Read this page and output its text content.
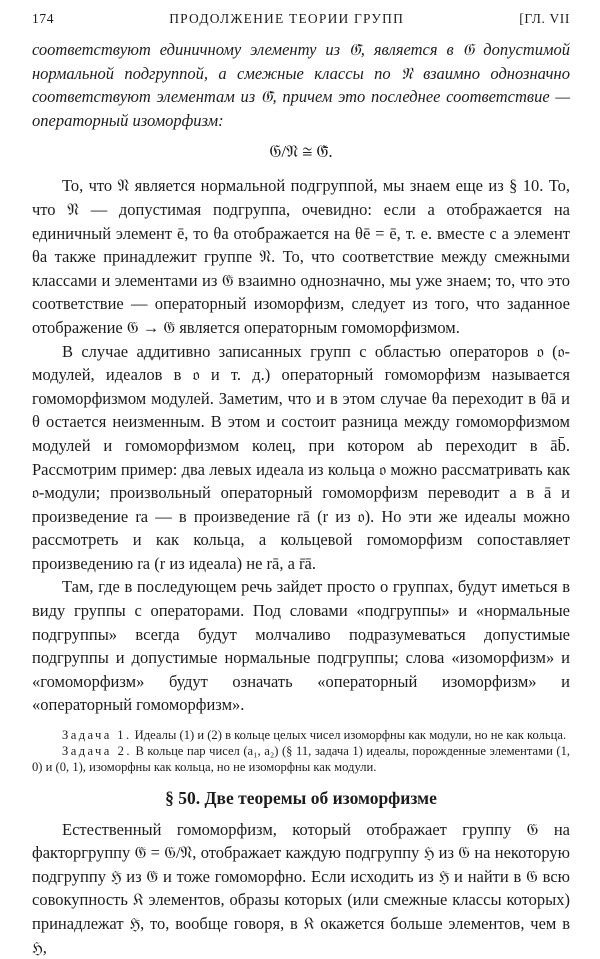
174	ПРОДОЛЖЕНИЕ ТЕОРИИ ГРУПП	[ГЛ. VII

соответствуют единичному элементу из 𝔊̄, является в 𝔊 допустимой нормальной подгруппой, а смежные классы по 𝔑 взаимно однозначно соответствуют элементам из 𝔊̄, причем это последнее соответствие — операторный изоморфизм:

𝔊/𝔑 ≅ 𝔊̄.

То, что 𝔑 является нормальной подгруппой, мы знаем еще из § 10. То, что 𝔑 — допустимая подгруппа, очевидно: если a отображается на единичный элемент ē, то θa отображается на θē = ē, т. е. вместе с a элемент θa также принадлежит группе 𝔑. То, что соответствие между смежными классами и элементами из 𝔊̄ взаимно однозначно, мы уже знаем; то, что это соответствие — операторный изоморфизм, следует из того, что заданное отображение 𝔊 → 𝔊̄ является операторным гомоморфизмом.

В случае аддитивно записанных групп с областью операторов 𝔬 (𝔬-модулей, идеалов в 𝔬 и т. д.) операторный гомоморфизм называется гомоморфизмом модулей. Заметим, что и в этом случае θa переходит в θā и θ остается неизменным. В этом и состоит разница между гомоморфизмом модулей и гомоморфизмом колец, при котором ab переходит в āb̄. Рассмотрим пример: два левых идеала из кольца 𝔬 можно рассматривать как 𝔬-модули; произвольный операторный гомоморфизм переводит a в ā и произведение ra — в произведение rā (r из 𝔬). Но эти же идеалы можно рассмотреть и как кольца, а кольцевой гомоморфизм сопоставляет произведению ra (r из идеала) не rā, а r̄ā.

Там, где в последующем речь зайдет просто о группах, будут иметься в виду группы с операторами. Под словами «подгруппы» и «нормальные подгруппы» всегда будут молчаливо подразумеваться допустимые подгруппы и допустимые нормальные подгруппы; слова «изоморфизм» и «гомоморфизм» будут означать «операторный изоморфизм» и «операторный гомоморфизм».

Задача 1. Идеалы (1) и (2) в кольце целых чисел изоморфны как модули, но не как кольца.

Задача 2. В кольце пар чисел (a₁, a₂) (§ 11, задача 1) идеалы, порожденные элементами (1, 0) и (0, 1), изоморфны как кольца, но не изоморфны как модули.

§ 50. Две теоремы об изоморфизме

Естественный гомоморфизм, который отображает группу 𝔊 на факторгруппу 𝔊̄ = 𝔊/𝔑, отображает каждую подгруппу ℌ из 𝔊 на некоторую подгруппу ℌ̄ из 𝔊̄ и тоже гомоморфно. Если исходить из ℌ̄ и найти в 𝔊 всю совокупность 𝔎 элементов, образы которых (или смежные классы которых) принадлежат ℌ̄, то, вообще говоря, в 𝔎 окажется больше элементов, чем в ℌ,
